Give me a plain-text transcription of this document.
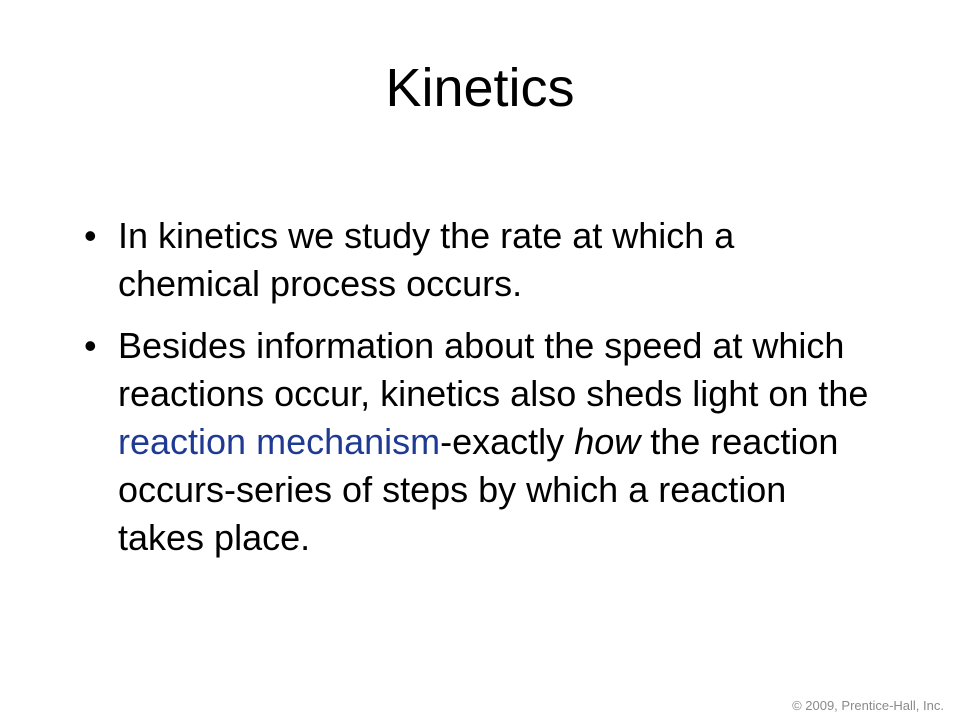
Kinetics
• In kinetics we study the rate at which a chemical process occurs.
• Besides information about the speed at which reactions occur, kinetics also sheds light on the reaction mechanism-exactly how the reaction occurs-series of steps by which a reaction takes place.
© 2009, Prentice-Hall, Inc.
